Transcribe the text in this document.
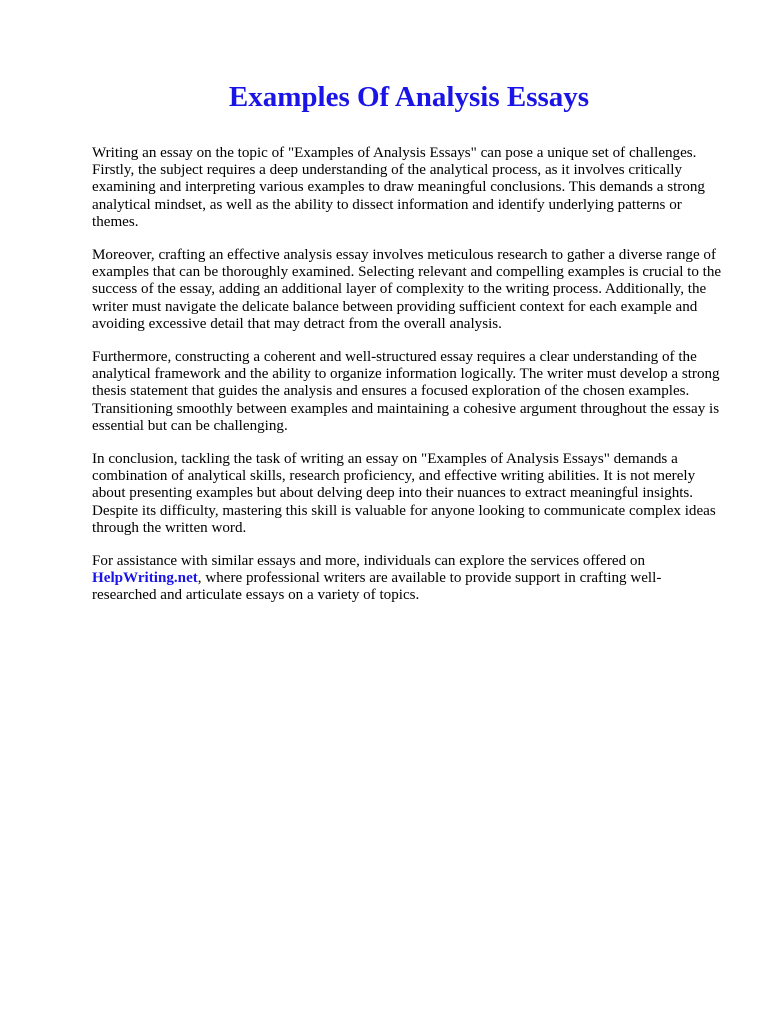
Examples Of Analysis Essays

Writing an essay on the topic of "Examples of Analysis Essays" can pose a unique set of challenges. Firstly, the subject requires a deep understanding of the analytical process, as it involves critically examining and interpreting various examples to draw meaningful conclusions. This demands a strong analytical mindset, as well as the ability to dissect information and identify underlying patterns or themes.

Moreover, crafting an effective analysis essay involves meticulous research to gather a diverse range of examples that can be thoroughly examined. Selecting relevant and compelling examples is crucial to the success of the essay, adding an additional layer of complexity to the writing process. Additionally, the writer must navigate the delicate balance between providing sufficient context for each example and avoiding excessive detail that may detract from the overall analysis.

Furthermore, constructing a coherent and well-structured essay requires a clear understanding of the analytical framework and the ability to organize information logically. The writer must develop a strong thesis statement that guides the analysis and ensures a focused exploration of the chosen examples. Transitioning smoothly between examples and maintaining a cohesive argument throughout the essay is essential but can be challenging.

In conclusion, tackling the task of writing an essay on "Examples of Analysis Essays" demands a combination of analytical skills, research proficiency, and effective writing abilities. It is not merely about presenting examples but about delving deep into their nuances to extract meaningful insights. Despite its difficulty, mastering this skill is valuable for anyone looking to communicate complex ideas through the written word.

For assistance with similar essays and more, individuals can explore the services offered on HelpWriting.net, where professional writers are available to provide support in crafting well-researched and articulate essays on a variety of topics.
